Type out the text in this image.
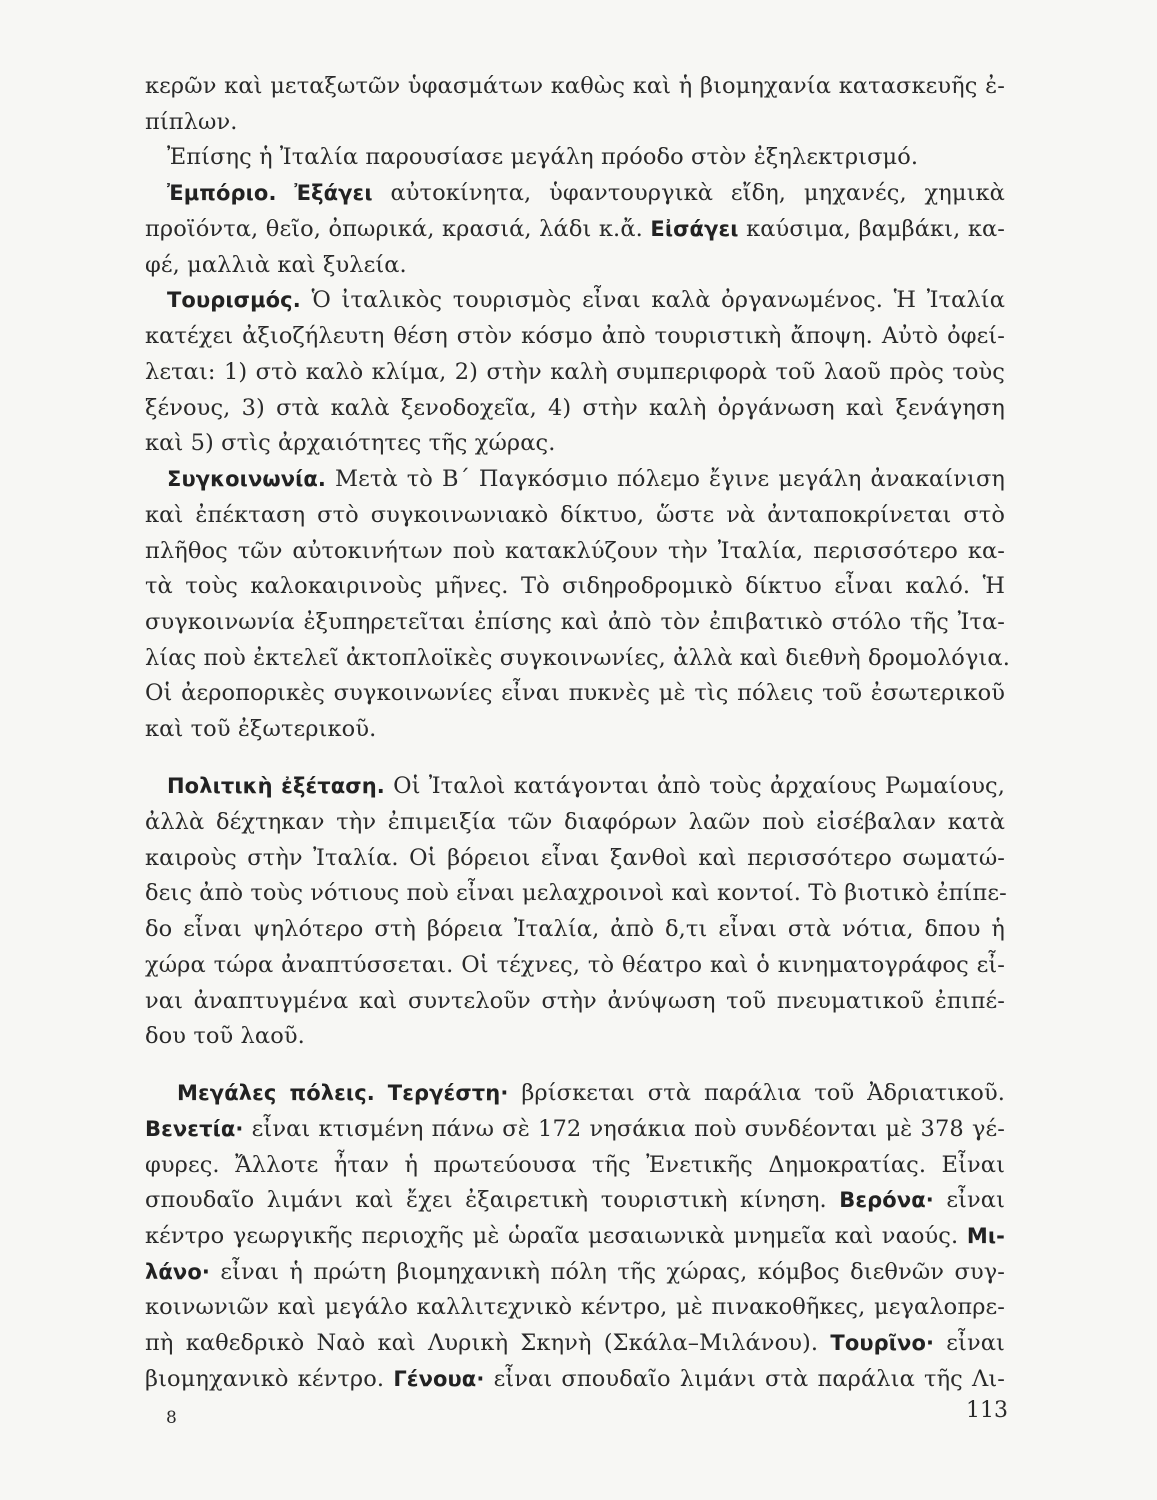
κερῶν καὶ μεταξωτῶν ὑφασμάτων καθὼς καὶ ἡ βιομηχανία κατασκευῆς ἐ-
πίπλων.
Ἐπίσης ἡ Ἰταλία παρουσίασε μεγάλη πρόοδο στὸν ἐξηλεκτρισμό.
Ἐμπόριο. Ἐξάγει αὐτοκίνητα, ὑφαντουργικὰ εἴδη, μηχανές, χημικὰ
προϊόντα, θεῖο, ὀπωρικά, κρασιά, λάδι κ.ἄ. Εἰσάγει καύσιμα, βαμβάκι, κα-
φέ, μαλλιὰ καὶ ξυλεία.
Τουρισμός. Ὁ ἰταλικὸς τουρισμὸς εἶναι καλὰ ὀργανωμένος. Ἡ Ἰταλία
κατέχει ἀξιοζήλευτη θέση στὸν κόσμο ἀπὸ τουριστικὴ ἄποψη. Αὐτὸ ὀφεί-
λεται: 1) στὸ καλὸ κλίμα, 2) στὴν καλὴ συμπεριφορὰ τοῦ λαοῦ πρὸς τοὺς
ξένους, 3) στὰ καλὰ ξενοδοχεῖα, 4) στὴν καλὴ ὀργάνωση καὶ ξενάγηση
καὶ 5) στὶς ἀρχαιότητες τῆς χώρας.
Συγκοινωνία. Μετὰ τὸ Β΄ Παγκόσμιο πόλεμο ἔγινε μεγάλη ἀνακαίνιση
καὶ ἐπέκταση στὸ συγκοινωνιακὸ δίκτυο, ὥστε νὰ ἀνταποκρίνεται στὸ
πλῆθος τῶν αὐτοκινήτων ποὺ κατακλύζουν τὴν Ἰταλία, περισσότερο κα-
τὰ τοὺς καλοκαιρινοὺς μῆνες. Τὸ σιδηροδρομικὸ δίκτυο εἶναι καλό. Ἡ
συγκοινωνία ἐξυπηρετεῖται ἐπίσης καὶ ἀπὸ τὸν ἐπιβατικὸ στόλο τῆς Ἰτα-
λίας ποὺ ἐκτελεῖ ἀκτοπλοϊκὲς συγκοινωνίες, ἀλλὰ καὶ διεθνὴ δρομολόγια.
Οἱ ἀεροπορικὲς συγκοινωνίες εἶναι πυκνὲς μὲ τὶς πόλεις τοῦ ἐσωτερικοῦ
καὶ τοῦ ἐξωτερικοῦ.
Πολιτικὴ ἐξέταση. Οἱ Ἰταλοὶ κατάγονται ἀπὸ τοὺς ἀρχαίους Ρωμαίους,
ἀλλὰ δέχτηκαν τὴν ἐπιμειξία τῶν διαφόρων λαῶν ποὺ εἰσέβαλαν κατὰ
καιροὺς στὴν Ἰταλία. Οἱ βόρειοι εἶναι ξανθοὶ καὶ περισσότερο σωματώ-
δεις ἀπὸ τοὺς νότιους ποὺ εἶναι μελαχροινοὶ καὶ κοντοί. Τὸ βιοτικὸ ἐπίπε-
δο εἶναι ψηλότερο στὴ βόρεια Ἰταλία, ἀπὸ δ,τι εἶναι στὰ νότια, δπου ἡ
χώρα τώρα ἀναπτύσσεται. Οἱ τέχνες, τὸ θέατρο καὶ ὁ κινηματογράφος εἶ-
ναι ἀναπτυγμένα καὶ συντελοῦν στὴν ἀνύψωση τοῦ πνευματικοῦ ἐπιπέ-
δου τοῦ λαοῦ.
Μεγάλες πόλεις. Τεργέστη· βρίσκεται στὰ παράλια τοῦ Ἀδριατικοῦ.
Βενετία· εἶναι κτισμένη πάνω σὲ 172 νησάκια ποὺ συνδέονται μὲ 378 γέ-
φυρες. Ἄλλοτε ἦταν ἡ πρωτεύουσα τῆς Ἐνετικῆς Δημοκρατίας. Εἶναι
σπουδαῖο λιμάνι καὶ ἔχει ἐξαιρετικὴ τουριστικὴ κίνηση. Βερόνα· εἶναι
κέντρο γεωργικῆς περιοχῆς μὲ ὡραῖα μεσαιωνικὰ μνημεῖα καὶ ναούς. Μι-
λάνο· εἶναι ἡ πρώτη βιομηχανικὴ πόλη τῆς χώρας, κόμβος διεθνῶν συγ-
κοινωνιῶν καὶ μεγάλο καλλιτεχνικὸ κέντρο, μὲ πινακοθῆκες, μεγαλοπρε-
πὴ καθεδρικὸ Ναὸ καὶ Λυρικὴ Σκηνὴ (Σκάλα–Μιλάνου). Τουρῖνο· εἶναι
βιομηχανικὸ κέντρο. Γένουα· εἶναι σπουδαῖο λιμάνι στὰ παράλια τῆς Λι-
8	113
